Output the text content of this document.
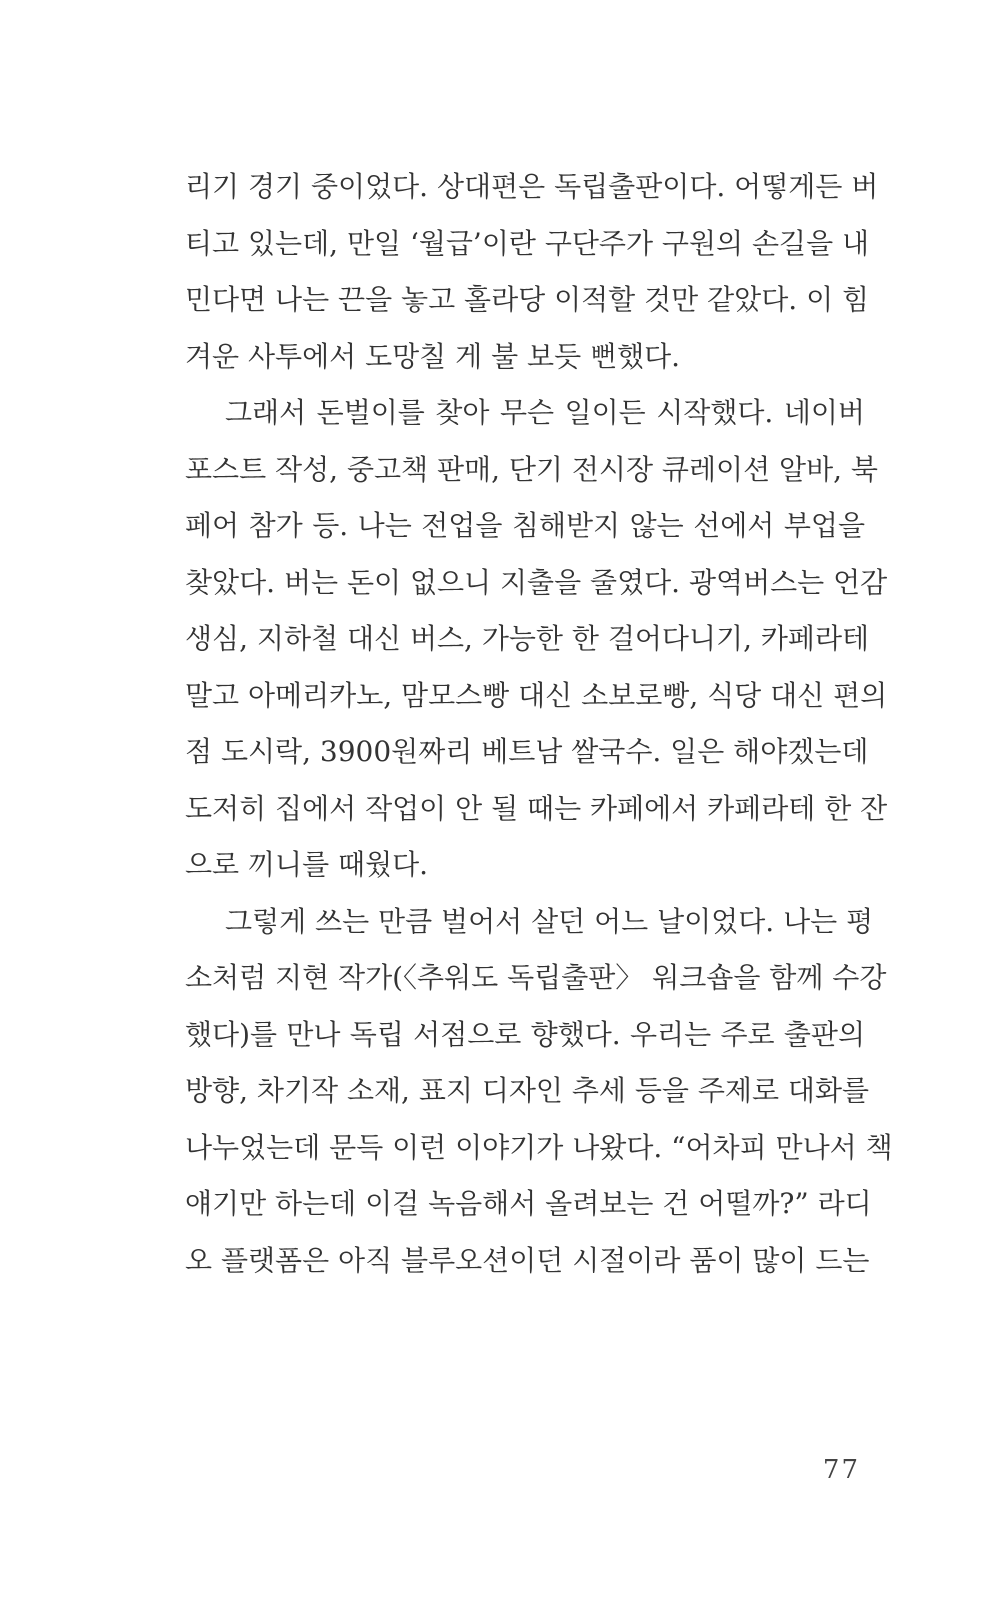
리기 경기 중이었다. 상대편은 독립출판이다. 어떻게든 버
티고 있는데, 만일 ‘월급’이란 구단주가 구원의 손길을 내
민다면 나는 끈을 놓고 홀라당 이적할 것만 같았다. 이 힘
겨운 사투에서 도망칠 게 불 보듯 뻔했다.
그래서 돈벌이를 찾아 무슨 일이든 시작했다. 네이버
포스트 작성, 중고책 판매, 단기 전시장 큐레이션 알바, 북
페어 참가 등. 나는 전업을 침해받지 않는 선에서 부업을
찾았다. 버는 돈이 없으니 지출을 줄였다. 광역버스는 언감
생심, 지하철 대신 버스, 가능한 한 걸어다니기, 카페라테
말고 아메리카노, 맘모스빵 대신 소보로빵, 식당 대신 편의
점 도시락, 3900원짜리 베트남 쌀국수. 일은 해야겠는데
도저히 집에서 작업이 안 될 때는 카페에서 카페라테 한 잔
으로 끼니를 때웠다.
그렇게 쓰는 만큼 벌어서 살던 어느 날이었다. 나는 평
소처럼 지현 작가(〈추워도 독립출판〉 워크숍을 함께 수강
했다)를 만나 독립 서점으로 향했다. 우리는 주로 출판의
방향, 차기작 소재, 표지 디자인 추세 등을 주제로 대화를
나누었는데 문득 이런 이야기가 나왔다. “어차피 만나서 책
얘기만 하는데 이걸 녹음해서 올려보는 건 어떨까?” 라디
오 플랫폼은 아직 블루오션이던 시절이라 품이 많이 드는
77
